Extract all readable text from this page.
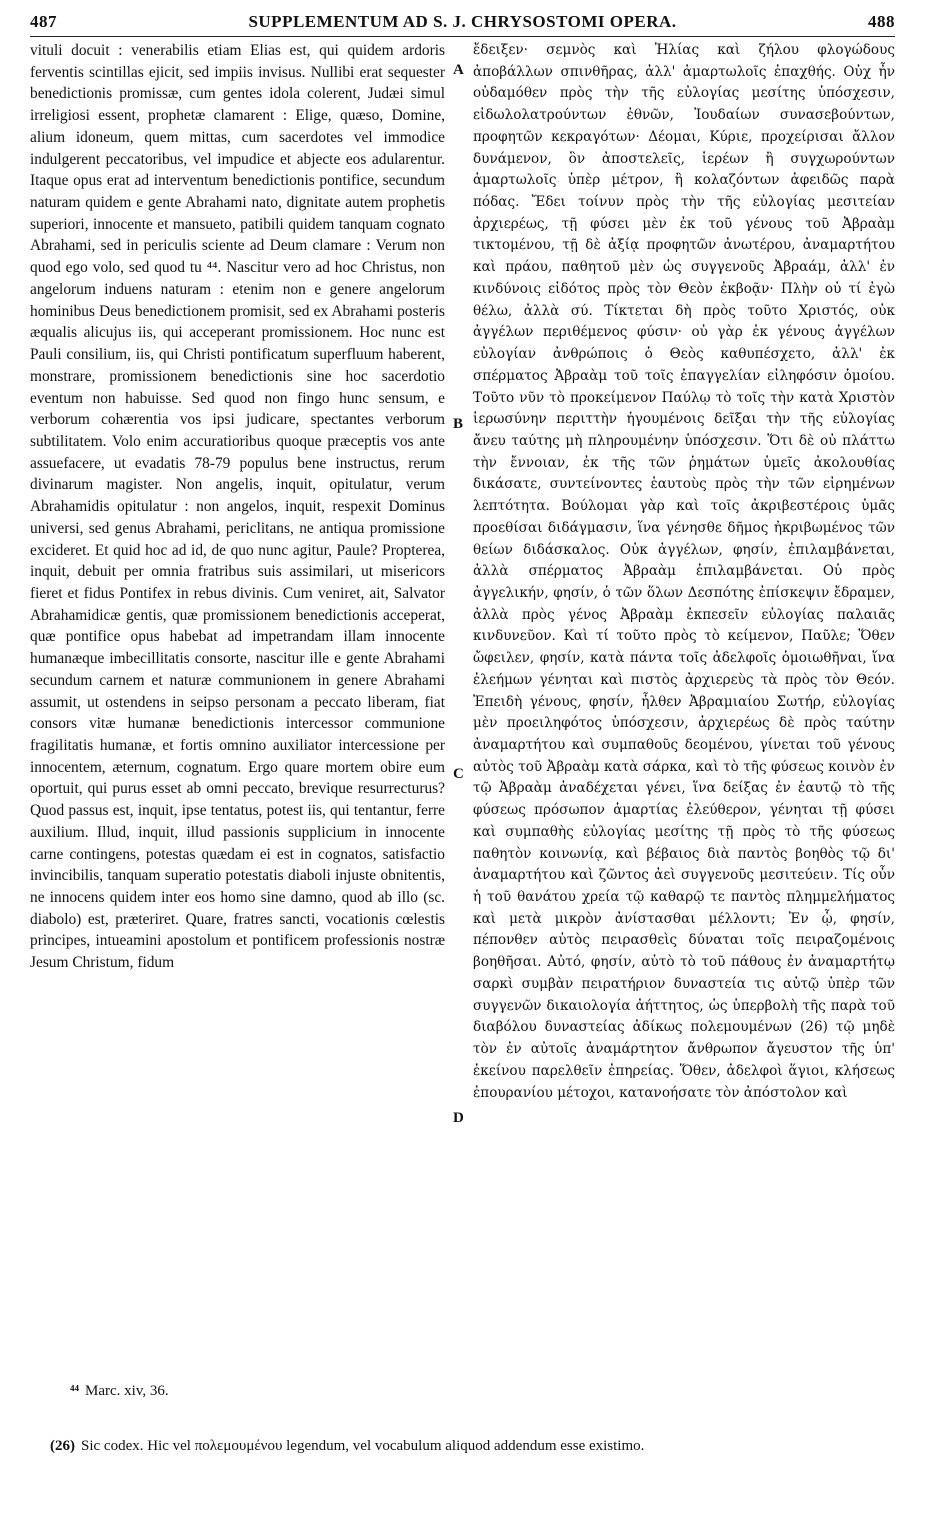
487	SUPPLEMENTUM AD S. J. CHRYSOSTOMI OPERA.	488

vituli docuit : venerabilis etiam Elias est, qui quidem ardoris ferventis scintillas ejicit, sed impiis invisus. Nullibi erat sequester benedictionis promissæ, cum gentes idola colerent, Judæi simul irreligiosi essent, prophetæ clamarent : Elige, quæso, Domine, alium idoneum, quem mittas, cum sacerdotes vel immodice indulgerent peccatoribus, vel impudice et abjecte eos adularentur. Itaque opus erat ad interventum benedictionis pontifice, secundum naturam quidem e gente Abrahami nato, dignitate autem prophetis superiori, innocente et mansueto, patibili quidem tanquam cognato Abrahami, sed in periculis sciente ad Deum clamare : Verum non quod ego volo, sed quod tu ⁴⁴. Nascitur vero ad hoc Christus, non angelorum induens naturam : etenim non e genere angelorum hominibus Deus benedictionem promisit, sed ex Abrahami posteris æqualis alicujus iis, qui acceperant promissionem. Hoc nunc est Pauli consilium, iis, qui Christi pontificatum superfluum haberent, monstrare, promissionem benedictionis sine hoc sacerdotio eventum non habuisse. Sed quod non fingo hunc sensum, e verborum cohærentia vos ipsi judicare, spectantes verborum subtilitatem. Volo enim accuratioribus quoque præceptis vos ante assuefacere, ut evadatis 78-79 populus bene instructus, rerum divinarum magister. Non angelis, inquit, opitulatur, verum Abrahamidis opitulatur : non angelos, inquit, respexit Dominus universi, sed genus Abrahami, periclitans, ne antiqua promissione excideret. Et quid hoc ad id, de quo nunc agitur, Paule? Propterea, inquit, debuit per omnia fratribus suis assimilari, ut misericors fieret et fidus Pontifex in rebus divinis. Cum veniret, ait, Salvator Abrahamidicæ gentis, quæ promissionem benedictionis acceperat, quæ pontifice opus habebat ad impetrandam illam innocente humanæque imbecillitatis consorte, nascitur ille e gente Abrahami secundum carnem et naturæ communionem in genere Abrahami assumit, ut ostendens in seipso personam a peccato liberam, fiat consors vitæ humanæ benedictionis intercessor communione fragilitatis humanæ, et fortis omnino auxiliator intercessione per innocentem, æternum, cognatum. Ergo quare mortem obire eum oportuit, qui purus esset ab omni peccato, brevique resurrecturus? Quod passus est, inquit, ipse tentatus, potest iis, qui tentantur, ferre auxilium. Illud, inquit, illud passionis supplicium in innocente carne contingens, potestas quædam ei est in cognatos, satisfactio invincibilis, tanquam superatio potestatis diaboli injuste obnitentis, ne innocens quidem inter eos homo sine damno, quod ab illo (sc. diabolo) est, præteriret. Quare, fratres sancti, vocationis cœlestis principes, intueamini apostolum et pontificem professionis nostræ Jesum Christum, fidum

A
B
C
D

ἔδειξεν· σεμνὸς καὶ Ἠλίας καὶ ζήλου φλογώδους ἀποβάλλων σπινθῆρας, ἀλλ' ἁμαρτωλοῖς ἐπαχθής. Οὐχ ἦν οὐδαμόθεν πρὸς τὴν τῆς εὐλογίας μεσίτης ὑπόσχεσιν, εἰδωλολατρούντων ἐθνῶν, Ἰουδαίων συνασεβούντων, προφητῶν κεκραγότων· Δέομαι, Κύριε, προχείρισαι ἄλλον δυνάμενον, ὃν ἀποστελεῖς, ἱερέων ἢ συγχωρούντων ἁμαρτωλοῖς ὑπὲρ μέτρον, ἢ κολαζόντων ἀφειδῶς παρὰ πόδας. Ἔδει τοίνυν πρὸς τὴν τῆς εὐλογίας μεσιτείαν ἀρχιερέως, τῇ φύσει μὲν ἐκ τοῦ γένους τοῦ Ἀβραὰμ τικτομένου, τῇ δὲ ἀξίᾳ προφητῶν ἀνωτέρου, ἀναμαρτήτου καὶ πράου, παθητοῦ μὲν ὡς συγγενοῦς Ἀβραάμ, ἀλλ' ἐν κινδύνοις εἰδότος πρὸς τὸν Θεὸν ἐκβοᾷν· Πλὴν οὐ τί ἐγὼ θέλω, ἀλλὰ σύ. Τίκτεται δὴ πρὸς τοῦτο Χριστός, οὐκ ἀγγέλων περιθέμενος φύσιν· οὐ γὰρ ἐκ γένους ἀγγέλων εὐλογίαν ἀνθρώποις ὁ Θεὸς καθυπέσχετο, ἀλλ' ἐκ σπέρματος Ἀβραὰμ τοῦ τοῖς ἐπαγγελίαν εἰληφόσιν ὁμοίου. Τοῦτο νῦν τὸ προκείμενον Παύλῳ τὸ τοῖς τὴν κατὰ Χριστὸν ἱερωσύνην περιττὴν ἡγουμένοις δεῖξαι τὴν τῆς εὐλογίας ἄνευ ταύτης μὴ πληρουμένην ὑπόσχεσιν. Ὅτι δὲ οὐ πλάττω τὴν ἔννοιαν, ἐκ τῆς τῶν ῥημάτων ὑμεῖς ἀκολουθίας δικάσατε, συντείνοντες ἑαυτοὺς πρὸς τὴν τῶν εἰρημένων λεπτότητα. Βούλομαι γὰρ καὶ τοῖς ἀκριβεστέροις ὑμᾶς προεθίσαι διδάγμασιν, ἵνα γένησθε δῆμος ἠκριβωμένος τῶν θείων διδάσκαλος. Οὐκ ἀγγέλων, φησίν, ἐπιλαμβάνεται, ἀλλὰ σπέρματος Ἀβραὰμ ἐπιλαμβάνεται. Οὐ πρὸς ἀγγελικήν, φησίν, ὁ τῶν ὅλων Δεσπότης ἐπίσκεψιν ἔδραμεν, ἀλλὰ πρὸς γένος Ἀβραὰμ ἐκπεσεῖν εὐλογίας παλαιᾶς κινδυνεῦον. Καὶ τί τοῦτο πρὸς τὸ κείμενον, Παῦλε; Ὅθεν ὤφειλεν, φησίν, κατὰ πάντα τοῖς ἀδελφοῖς ὁμοιωθῆναι, ἵνα ἐλεήμων γένηται καὶ πιστὸς ἀρχιερεὺς τὰ πρὸς τὸν Θεόν. Ἐπειδὴ γένους, φησίν, ἦλθεν Ἀβραμιαίου Σωτήρ, εὐλογίας μὲν προειληφότος ὑπόσχεσιν, ἀρχιερέως δὲ πρὸς ταύτην ἀναμαρτήτου καὶ συμπαθοῦς δεομένου, γίνεται τοῦ γένους αὐτὸς τοῦ Ἀβραὰμ κατὰ σάρκα, καὶ τὸ τῆς φύσεως κοινὸν ἐν τῷ Ἀβραὰμ ἀναδέχεται γένει, ἵνα δείξας ἐν ἑαυτῷ τὸ τῆς φύσεως πρόσωπον ἁμαρτίας ἐλεύθερον, γένηται τῇ φύσει καὶ συμπαθὴς εὐλογίας μεσίτης τῇ πρὸς τὸ τῆς φύσεως παθητὸν κοινωνίᾳ, καὶ βέβαιος διὰ παντὸς βοηθὸς τῷ δι' ἀναμαρτήτου καὶ ζῶντος ἀεὶ συγγενοῦς μεσιτεύειν. Τίς οὖν ἡ τοῦ θανάτου χρεία τῷ καθαρῷ τε παντὸς πλημμελήματος καὶ μετὰ μικρὸν ἀνίστασθαι μέλλοντι; Ἐν ᾧ, φησίν, πέπονθεν αὐτὸς πειρασθεὶς δύναται τοῖς πειραζομένοις βοηθῆσαι. Αὐτό, φησίν, αὐτὸ τὸ τοῦ πάθους ἐν ἀναμαρτήτῳ σαρκὶ συμβὰν πειρατήριον δυναστεία τις αὐτῷ ὑπὲρ τῶν συγγενῶν δικαιολογία ἀήττητος, ὡς ὑπερβολὴ τῆς παρὰ τοῦ διαβόλου δυναστείας ἀδίκως πολεμουμένων (26) τῷ μηδὲ τὸν ἐν αὐτοῖς ἀναμάρτητον ἄνθρωπον ἄγευστον τῆς ὑπ' ἐκείνου παρελθεῖν ἐπηρείας. Ὅθεν, ἀδελφοὶ ἅγιοι, κλήσεως ἐπουρανίου μέτοχοι, κατανοήσατε τὸν ἀπόστολον καὶ

⁴⁴ Marc. xiv, 36.
(26) Sic codex. Hic vel πολεμουμένου legendum, vel vocabulum aliquod addendum esse existimo.
